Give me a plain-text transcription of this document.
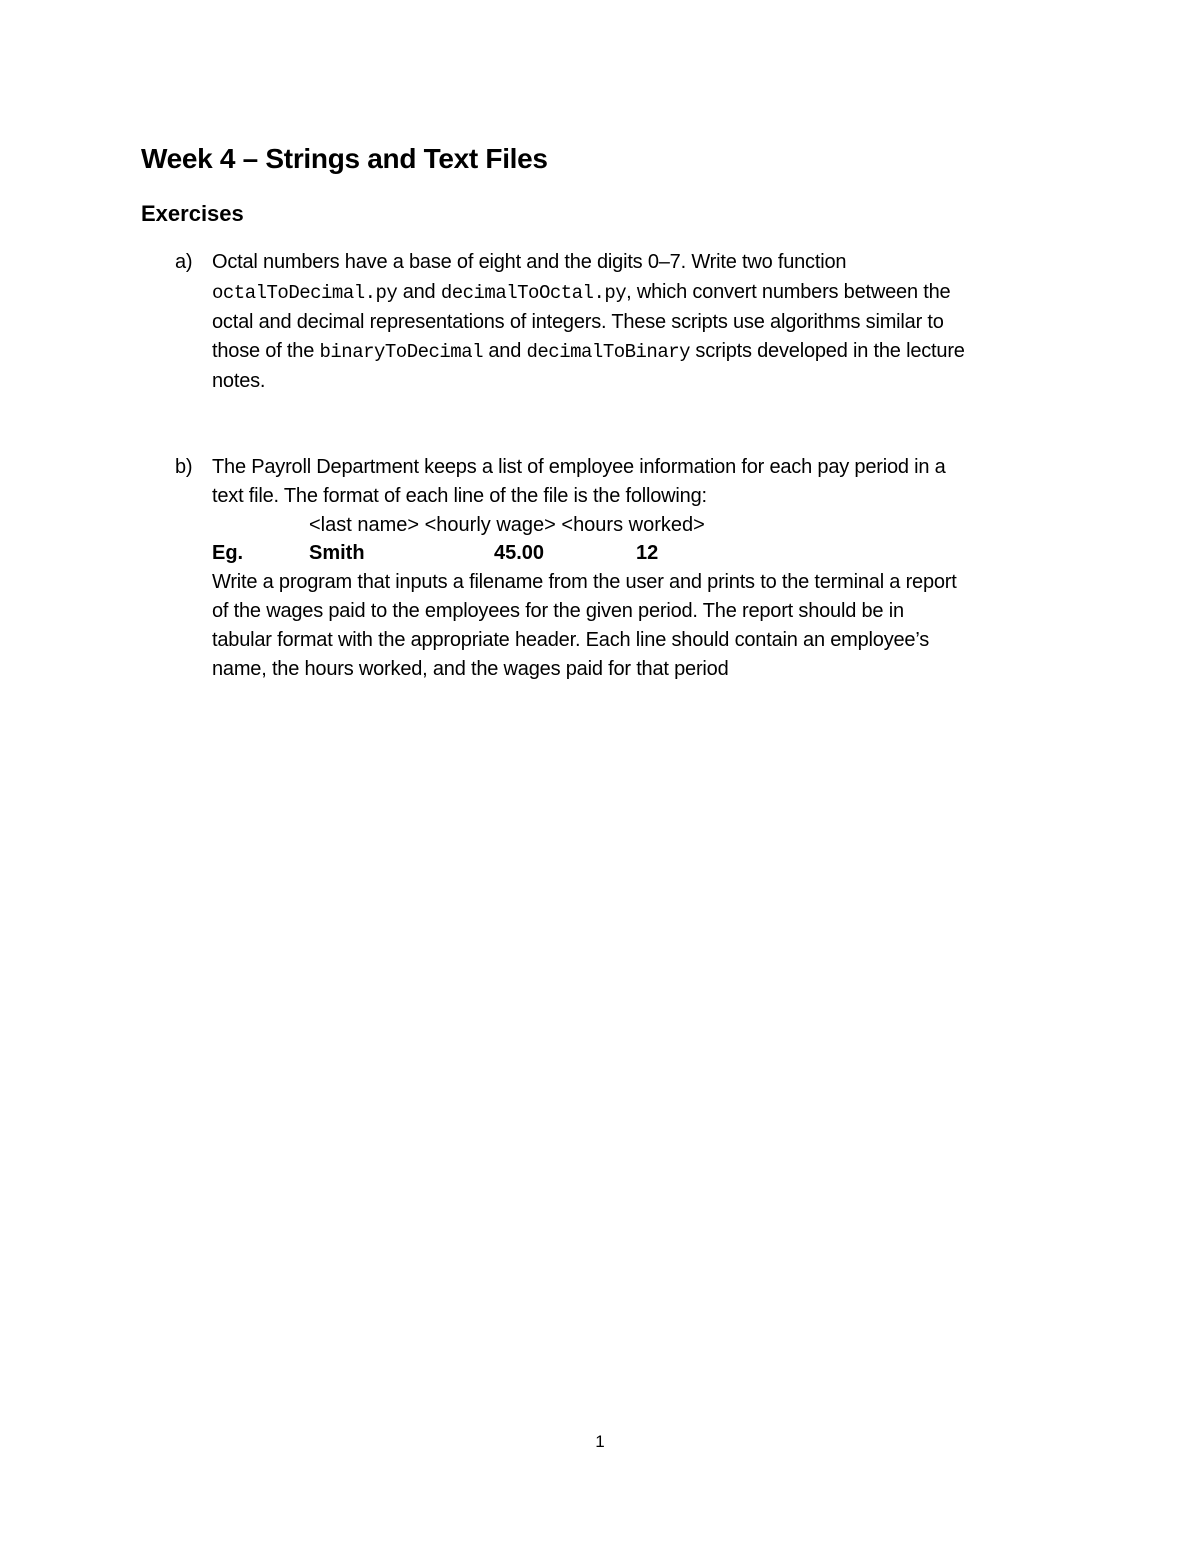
Week 4 – Strings and Text Files
Exercises
a) Octal numbers have a base of eight and the digits 0–7. Write two function
octalToDecimal.py and decimalToOctal.py, which convert numbers between the
octal and decimal representations of integers. These scripts use algorithms similar to
those of the binaryToDecimal and decimalToBinary scripts developed in the lecture
notes.
b) The Payroll Department keeps a list of employee information for each pay period in a
text file. The format of each line of the file is the following:
<last name> <hourly wage> <hours worked>
Eg.	Smith	45.00	12
Write a program that inputs a filename from the user and prints to the terminal a report
of the wages paid to the employees for the given period. The report should be in
tabular format with the appropriate header. Each line should contain an employee’s
name, the hours worked, and the wages paid for that period
1
